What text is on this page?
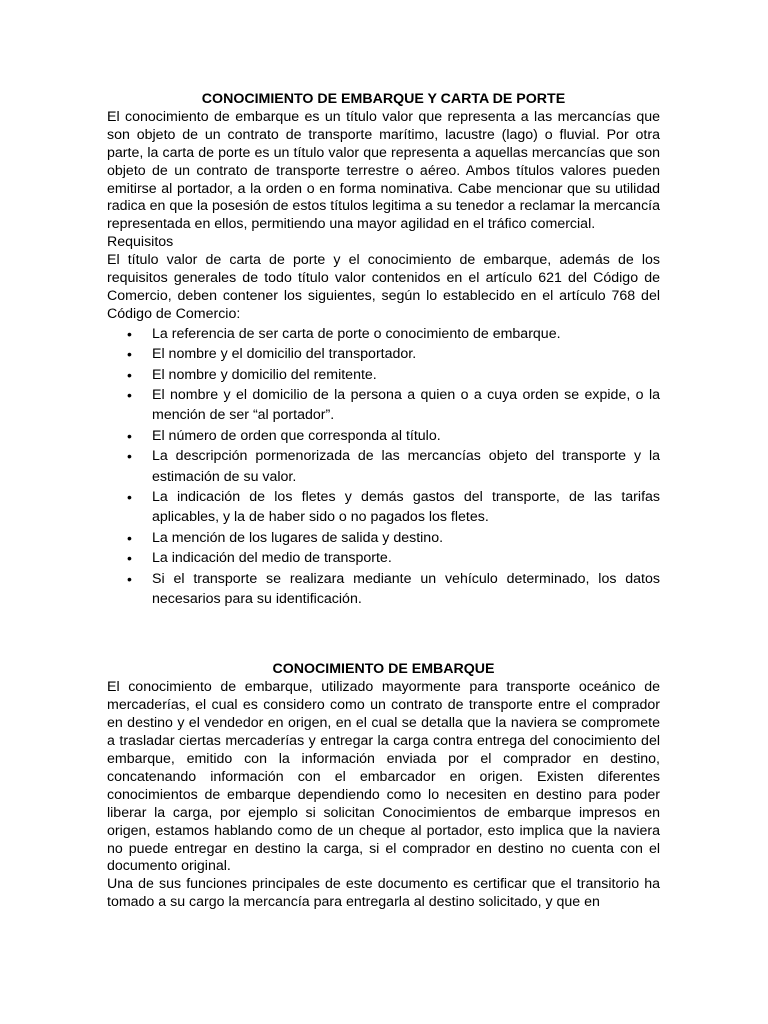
CONOCIMIENTO DE EMBARQUE Y CARTA DE PORTE

El conocimiento de embarque es un título valor que representa a las mercancías que son objeto de un contrato de transporte marítimo, lacustre (lago) o fluvial. Por otra parte, la carta de porte es un título valor que representa a aquellas mercancías que son objeto de un contrato de transporte terrestre o aéreo. Ambos títulos valores pueden emitirse al portador, a la orden o en forma nominativa. Cabe mencionar que su utilidad radica en que la posesión de estos títulos legitima a su tenedor a reclamar la mercancía representada en ellos, permitiendo una mayor agilidad en el tráfico comercial.

Requisitos

El título valor de carta de porte y el conocimiento de embarque, además de los requisitos generales de todo título valor contenidos en el artículo 621 del Código de Comercio, deben contener los siguientes, según lo establecido en el artículo 768 del Código de Comercio:

• La referencia de ser carta de porte o conocimiento de embarque.
• El nombre y el domicilio del transportador.
• El nombre y domicilio del remitente.
• El nombre y el domicilio de la persona a quien o a cuya orden se expide, o la mención de ser “al portador”.
• El número de orden que corresponda al título.
• La descripción pormenorizada de las mercancías objeto del transporte y la estimación de su valor.
• La indicación de los fletes y demás gastos del transporte, de las tarifas aplicables, y la de haber sido o no pagados los fletes.
• La mención de los lugares de salida y destino.
• La indicación del medio de transporte.
• Si el transporte se realizara mediante un vehículo determinado, los datos necesarios para su identificación.

CONOCIMIENTO DE EMBARQUE

El conocimiento de embarque, utilizado mayormente para transporte oceánico de mercaderías, el cual es considero como un contrato de transporte entre el comprador en destino y el vendedor en origen, en el cual se detalla que la naviera se compromete a trasladar ciertas mercaderías y entregar la carga contra entrega del conocimiento del embarque, emitido con la información enviada por el comprador en destino, concatenando información con el embarcador en origen. Existen diferentes conocimientos de embarque dependiendo como lo necesiten en destino para poder liberar la carga, por ejemplo si solicitan Conocimientos de embarque impresos en origen, estamos hablando como de un cheque al portador, esto implica que la naviera no puede entregar en destino la carga, si el comprador en destino no cuenta con el documento original.

Una de sus funciones principales de este documento es certificar que el transitorio ha tomado a su cargo la mercancía para entregarla al destino solicitado, y que en
